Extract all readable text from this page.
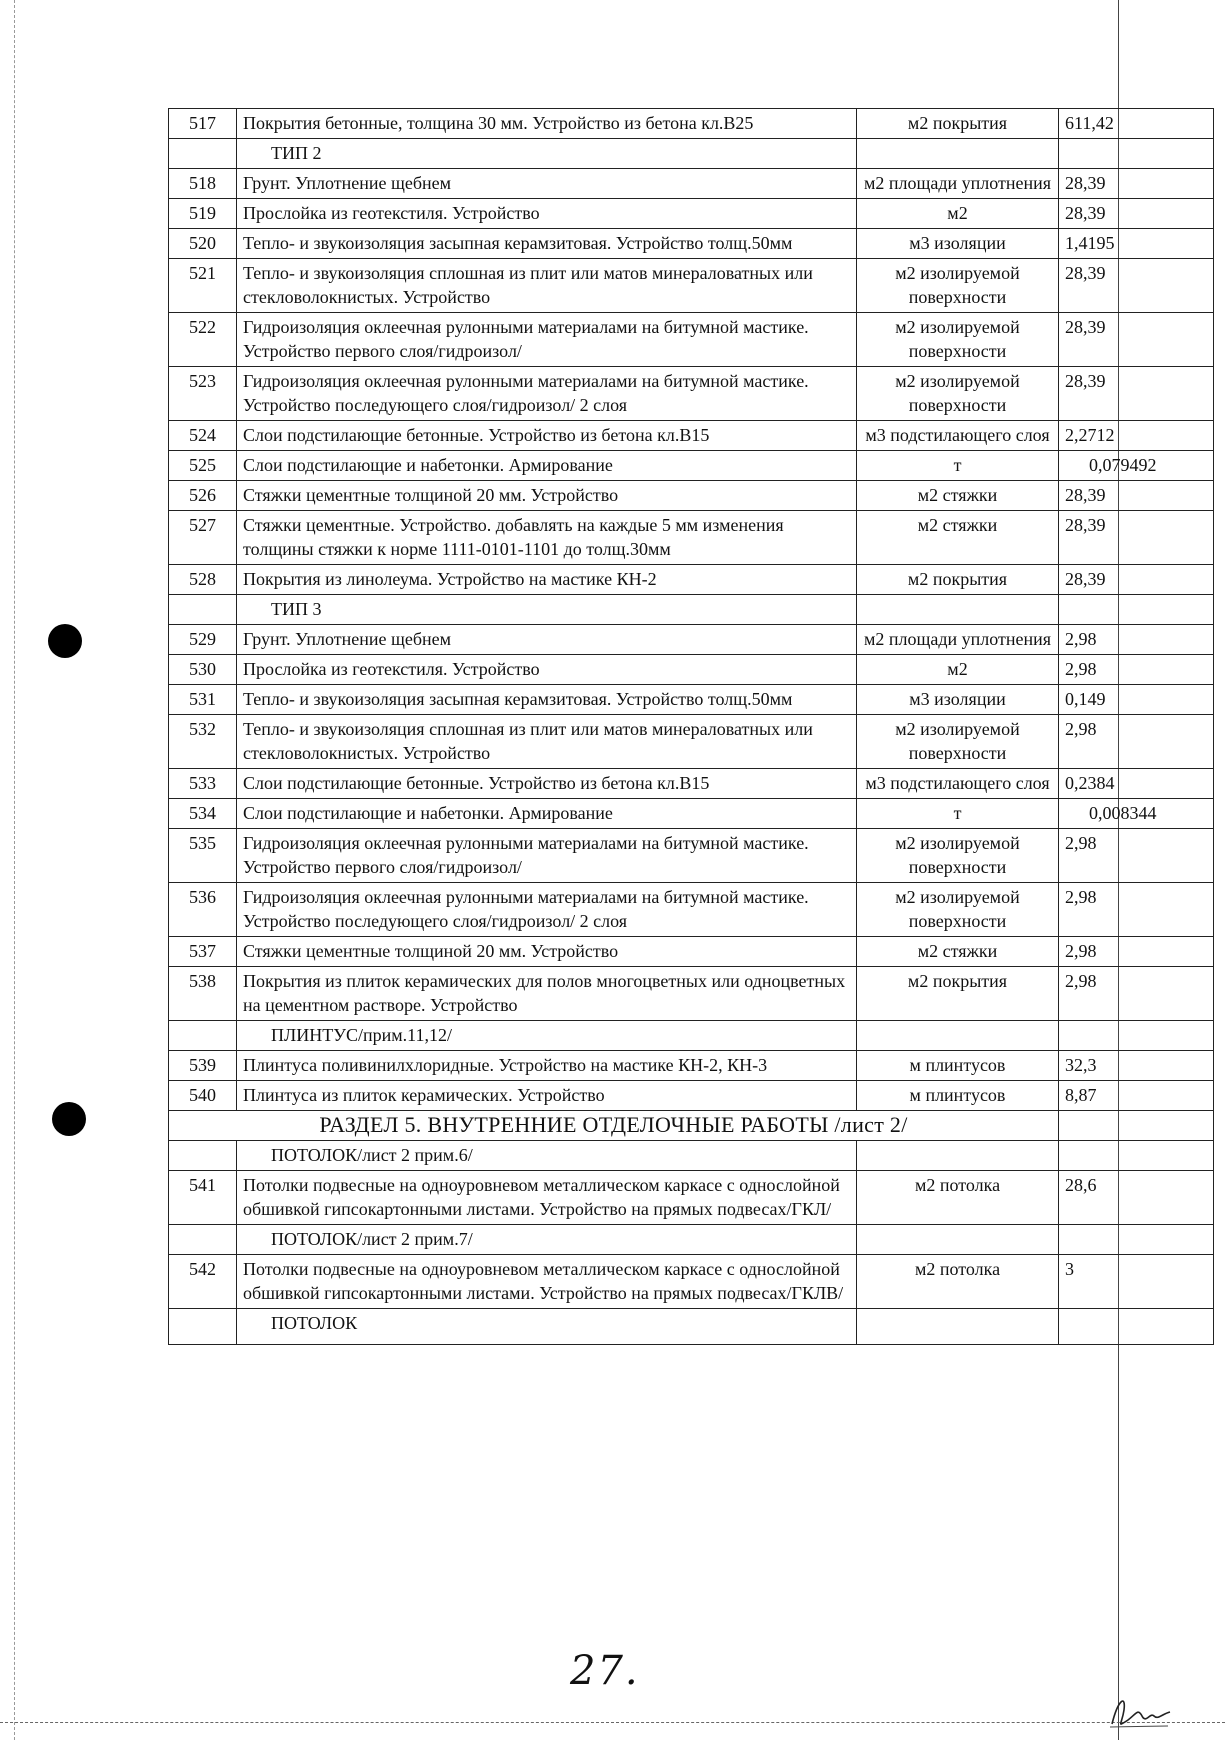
517	Покрытия бетонные, толщина 30 мм. Устройство из бетона кл.В25	м2 покрытия	611,42
	ТИП 2		
518	Грунт. Уплотнение щебнем	м2 площади уплотнения	28,39
519	Прослойка из геотекстиля. Устройство	м2	28,39
520	Тепло- и звукоизоляция засыпная керамзитовая. Устройство толщ.50мм	м3 изоляции	1,4195
521	Тепло- и звукоизоляция сплошная из плит или матов минераловатных или стекловолокнистых. Устройство	м2 изолируемой поверхности	28,39
522	Гидроизоляция оклеечная рулонными материалами на битумной мастике. Устройство первого слоя/гидроизол/	м2 изолируемой поверхности	28,39
523	Гидроизоляция оклеечная рулонными материалами на битумной мастике. Устройство последующего слоя/гидроизол/ 2 слоя	м2 изолируемой поверхности	28,39
524	Слои подстилающие бетонные. Устройство из бетона кл.В15	м3 подстилающего слоя	2,2712
525	Слои подстилающие и набетонки. Армирование	т	0,079492
526	Стяжки цементные толщиной 20 мм. Устройство	м2 стяжки	28,39
527	Стяжки цементные. Устройство. добавлять на каждые 5 мм изменения толщины стяжки к норме 1111-0101-1101 до толщ.30мм	м2 стяжки	28,39
528	Покрытия из линолеума. Устройство на мастике КН-2	м2 покрытия	28,39
	ТИП 3		
529	Грунт. Уплотнение щебнем	м2 площади уплотнения	2,98
530	Прослойка из геотекстиля. Устройство	м2	2,98
531	Тепло- и звукоизоляция засыпная керамзитовая. Устройство толщ.50мм	м3 изоляции	0,149
532	Тепло- и звукоизоляция сплошная из плит или матов минераловатных или стекловолокнистых. Устройство	м2 изолируемой поверхности	2,98
533	Слои подстилающие бетонные. Устройство из бетона кл.В15	м3 подстилающего слоя	0,2384
534	Слои подстилающие и набетонки. Армирование	т	0,008344
535	Гидроизоляция оклеечная рулонными материалами на битумной мастике. Устройство первого слоя/гидроизол/	м2 изолируемой поверхности	2,98
536	Гидроизоляция оклеечная рулонными материалами на битумной мастике. Устройство последующего слоя/гидроизол/ 2 слоя	м2 изолируемой поверхности	2,98
537	Стяжки цементные толщиной 20 мм. Устройство	м2 стяжки	2,98
538	Покрытия из плиток керамических для полов многоцветных или одноцветных на цементном растворе. Устройство	м2 покрытия	2,98
	ПЛИНТУС/прим.11,12/		
539	Плинтуса поливинилхлоридные. Устройство на мастике КН-2, КН-3	м плинтусов	32,3
540	Плинтуса из плиток керамических. Устройство	м плинтусов	8,87
РАЗДЕЛ 5. ВНУТРЕННИЕ ОТДЕЛОЧНЫЕ РАБОТЫ /лист 2/			
	ПОТОЛОК/лист 2 прим.6/		
541	Потолки подвесные на одноуровневом металлическом каркасе с однослойной обшивкой гипсокартонными листами. Устройство на прямых подвесах/ГКЛ/	м2 потолка	28,6
	ПОТОЛОК/лист 2 прим.7/		
542	Потолки подвесные на одноуровневом металлическом каркасе с однослойной обшивкой гипсокартонными листами. Устройство на прямых подвесах/ГКЛВ/	м2 потолка	3
	ПОТОЛОК		
27.
